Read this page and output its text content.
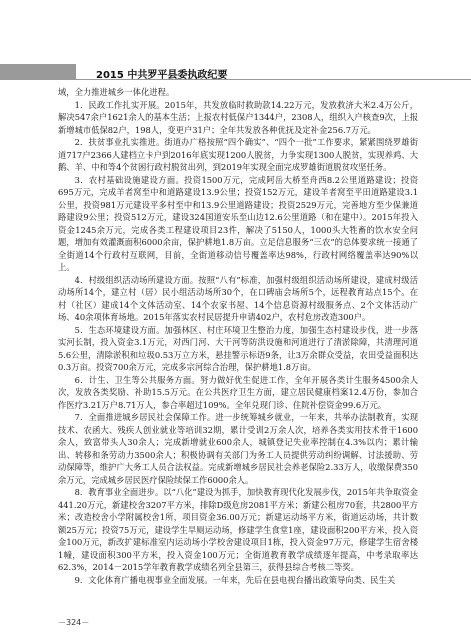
★ 2015 中共罗平县委执政纪要

域，全力推进城乡一体化进程。

1．民政工作扎实开展。2015年，共发放临时救助款14.22万元，发放救济大米2.4万公斤，解决547余户1621余人的基本生活；上报农村低保户1344户，2308人，组织入户核查9次，上报新增城市低保82户，198人，变更户31户；全年共发放各种优抚及定补金256.7万元。

2．扶贫事业扎实推进。街道办广格按照“四个确实”、“四个一批”工作要求，紧紧围绕罗雄街道717户2366人建档立卡户到2016年底实现1200人脱贫，力争实现1300人脱贫，实现养鸡、大鹅、羊、中和等4个贫困行政村脱贫出列，到2019年实现全面完成罗雄街道脱贫攻坚任务。

3．农村基础设施建设方面。投资1500万元，完成阿岳大桥至舟西8.2公里道路建设；投资695万元，完成羊者窝至中和道路建设13.9公里；投资152万元，建设羊者窝至平田道路建设3.1公里，投资981万元建设平多村至中和13.9公里道路建设；投资2529万元，完善地方至少保兼道路建设9公里；投资512万元，建设324国道安乐至山边12.6公里道路（和在建中）。2015年投入资金1245余万元，完成各类工程建设项目23件，解决了5150人，1000头大牲畜的饮水安全问题，增加有效灌溉面积6000余亩，保护耕地1.8万亩。立足信息服务“三农”的总体要求统一接通了全街道14个行政村互联网，目前，全街道移动信号覆盖率达98%，行政村网络覆盖率达90%以上。

4．村级组织活动场所建设方面。按照“八有”标准，加强村级组织活动场所建设，建成村级活动场所14个，建立村（居）民小组活动场所30个，在口碑庙会场所5个，远程教育站点15个。在村（社区）建成14个文体活动室、14个农家书屋、14个信息资源村级服务点、2个文体活动广场、40余项体育场地。2015年落实农村民居提升申请402户，农村危房改造300户。

5．生态环境建设方面。加强林区、村庄环境卫生整治力度，加强生态村建设步伐，进一步落实河长制，投入资金3.1万元，对西门河、大干河等防洪设施和河道进行了清淤除障，共清理河道5.6公里，清除淤积和垃圾0.53万立方米，悬挂警示标语9条，让3万余群众受益，农田受益面积达0.3万亩。投资700余万元，完成多宗河综合治理，保护耕地1.8万亩。

6．计生、卫生等公共服务方面。努力做好优生促进工作，全年开展各类计生服务4500余人次，发放各类奖励、补助15.5万元。在公共医疗卫生方面，建立居民健康档案12.4万份，参加合作医疗3.21万户8.71万人，参合率超过109%。全年兑现门诊、住院补偿资金99.6万元。

7．全面推进城乡居民社会保障工作。进一步统筹城乡就业，一年来，共举办法制教育，实现技术、农函大、残疾人创业就业等培训32期，累计受训2万余人次，培养各类实用技术骨干1600余人，致富带头人30余人；完成新增就业600余人，城镇登记失业率控制在4.3%以内；累计输出、转移和条劳动力3500余人；积极协调有关部门为务工人员提供劳动纠纷调解、讨法援助、劳动保障等，维护广大务工人员合法权益。完成新增城乡居民社会养老保险2.33万人，收缴保费350余万元，完成城乡居民医疗保险续保工作6000余人。

8．教育事业全面进步。以“八化”建设为抓手，加快教育现代化发展步伐，2015年共争取资金441.20万元，新建校舍3207平方米，排除D级危房2081平方米；新建公租房70套，共2800平方米；改造校舍小学附属校舍1所，项目资金36.00万元；新建运动场平方米，街道运动场，共计数额25万元；投资75万元，建设学生旱厕运动场，修建学生食堂1座，建设面积200平方米，投入资金100万元，新改扩建标准室内运动场小学校舍建设项目1栋，投入资金97万元，修建学生宿舍楼1幢，建设面积300平方米，投入资金100万元；全街道教育教学成绩逐年提高，中考录取率达62.3%，2014－2015学年教育教学成绩名列全县第三，获得县综合考核二等奖。

9．文化体育广播电视事业全面发展。一年来，先后在县电视台播出政策导向类、民生关

－324－
